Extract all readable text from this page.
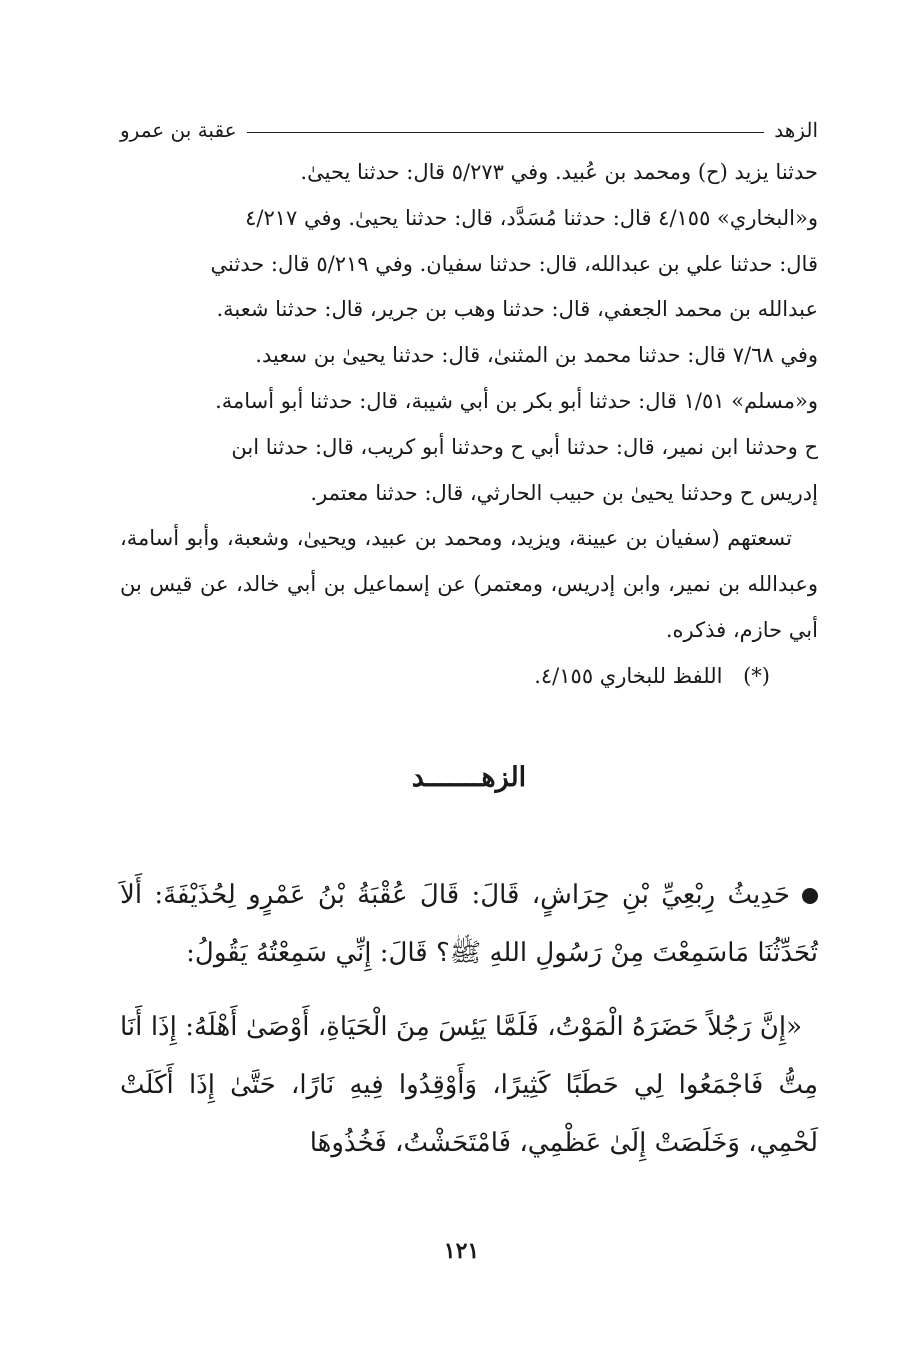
الزهد
عقبة بن عمرو

حدثنا يزيد (ح) ومحمد بن عُبيد. وفي ٥/٢٧٣ قال: حدثنا يحيىٰ.

و«البخاري» ٤/١٥٥ قال: حدثنا مُسَدَّد، قال: حدثنا يحيىٰ. وفي ٤/٢١٧

قال: حدثنا علي بن عبدالله، قال: حدثنا سفيان. وفي ٥/٢١٩ قال: حدثني

عبدالله بن محمد الجعفي، قال: حدثنا وهب بن جرير، قال: حدثنا شعبة.

وفي ٧/٦٨ قال: حدثنا محمد بن المثنىٰ، قال: حدثنا يحيىٰ بن سعيد.

و«مسلم» ١/٥١ قال: حدثنا أبو بكر بن أبي شيبة، قال: حدثنا أبو أسامة.

ح وحدثنا ابن نمير، قال: حدثنا أبي ح وحدثنا أبو كريب، قال: حدثنا ابن

إدريس ح وحدثنا يحيىٰ بن حبيب الحارثي، قال: حدثنا معتمر.

تسعتهم (سفيان بن عيينة، ويزيد، ومحمد بن عبيد، ويحيىٰ، وشعبة، وأبو أسامة، وعبدالله بن نمير، وابن إدريس، ومعتمر) عن إسماعيل بن أبي خالد، عن قيس بن أبي حازم، فذكره.

(*) اللفظ للبخاري ٤/١٥٥.

الزهـــــــد

حَدِيثُ رِبْعِيِّ بْنِ حِرَاشٍ، قَالَ: قَالَ عُقْبَةُ بْنُ عَمْرٍو لِحُذَيْفَةَ: أَلاَ تُحَدِّثُنَا مَاسَمِعْتَ مِنْ رَسُولِ اللهِ ﷺ؟ قَالَ: إِنِّي سَمِعْتُهُ يَقُولُ:

«إِنَّ رَجُلاً حَضَرَهُ الْمَوْتُ، فَلَمَّا يَئِسَ مِنَ الْحَيَاةِ، أَوْصَىٰ أَهْلَهُ: إِذَا أَنَا مِتُّ فَاجْمَعُوا لِي حَطَبًا كَثِيرًا، وَأَوْقِدُوا فِيهِ نَارًا، حَتَّىٰ إِذَا أَكَلَتْ لَحْمِي، وَخَلَصَتْ إِلَىٰ عَظْمِي، فَامْتَحَشْتُ، فَخُذُوهَا

١٢١
